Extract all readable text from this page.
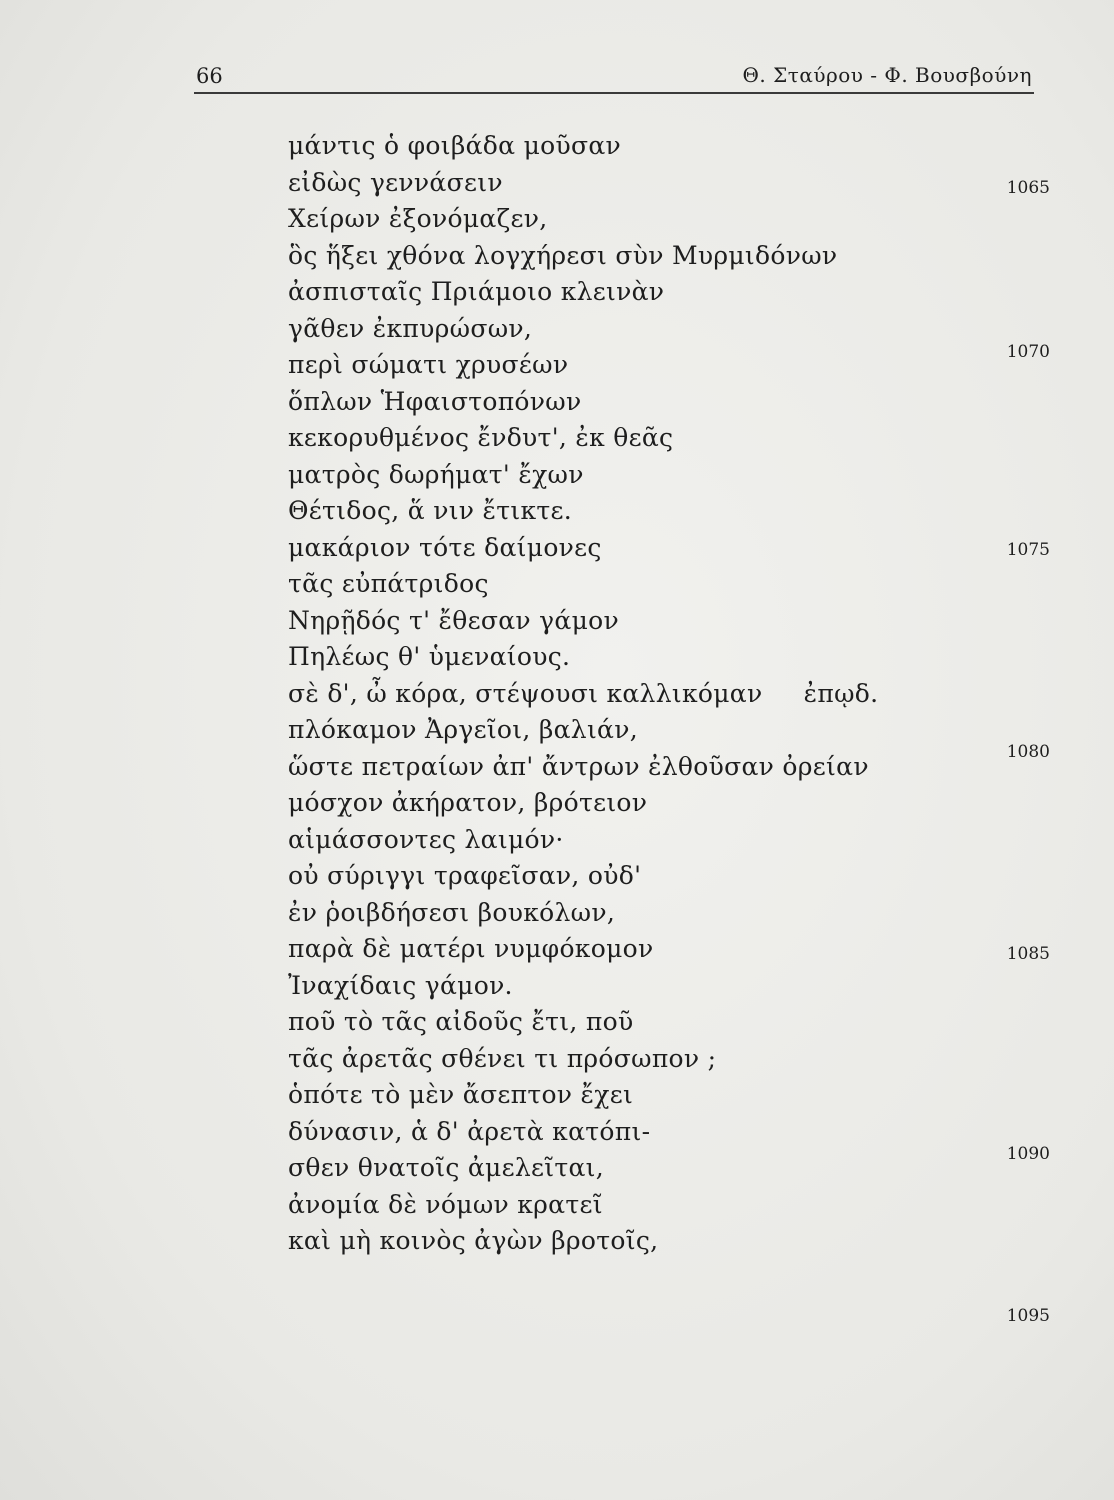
66	Θ. Σταύρου - Φ. Βουσβούνη
μάντις ὁ φοιβάδα μοῦσαν
εἰδὼς γεννάσειν
Χείρων ἐξονόμαζεν,
ὃς ἥξει χθόνα λογχήρεσι σὺν Μυρμιδόνων
ἀσπισταῖς Πριάμοιο κλεινὰν
γᾶθεν ἐκπυρώσων,
περὶ σώματι χρυσέων
ὅπλων Ἡφαιστοπόνων
κεκορυθμένος ἔνδυτ', ἐκ θεᾶς
ματρὸς δωρήματ' ἔχων
Θέτιδος, ἅ νιν ἔτικτε.
μακάριον τότε δαίμονες
τᾶς εὐπάτριδος
Νηρῇδός τ' ἔθεσαν γάμον
Πηλέως θ' ὑμεναίους.
σὲ δ', ὦ κόρα, στέψουσι καλλικόμαν     ἐπῳδ.
πλόκαμον Ἀργεῖοι, βαλιάν,
ὥστε πετραίων ἀπ' ἄντρων ἐλθοῦσαν ὀρείαν
μόσχον ἀκήρατον, βρότειον
αἱμάσσοντες λαιμόν·
οὐ σύριγγι τραφεῖσαν, οὐδ'
ἐν ῥοιβδήσεσι βουκόλων,
παρὰ δὲ ματέρι νυμφόκομον
Ἰναχίδαις γάμον.
ποῦ τὸ τᾶς αἰδοῦς ἔτι, ποῦ
τᾶς ἀρετᾶς σθένει τι πρόσωπον ;
ὁπότε τὸ μὲν ἄσεπτον ἔχει
δύνασιν, ἁ δ' ἀρετὰ κατόπι-
σθεν θνατοῖς ἀμελεῖται,
ἀνομία δὲ νόμων κρατεῖ
καὶ μὴ κοινὸς ἀγὼν βροτοῖς,
1065
1070
1075
1080
1085
1090
1095
